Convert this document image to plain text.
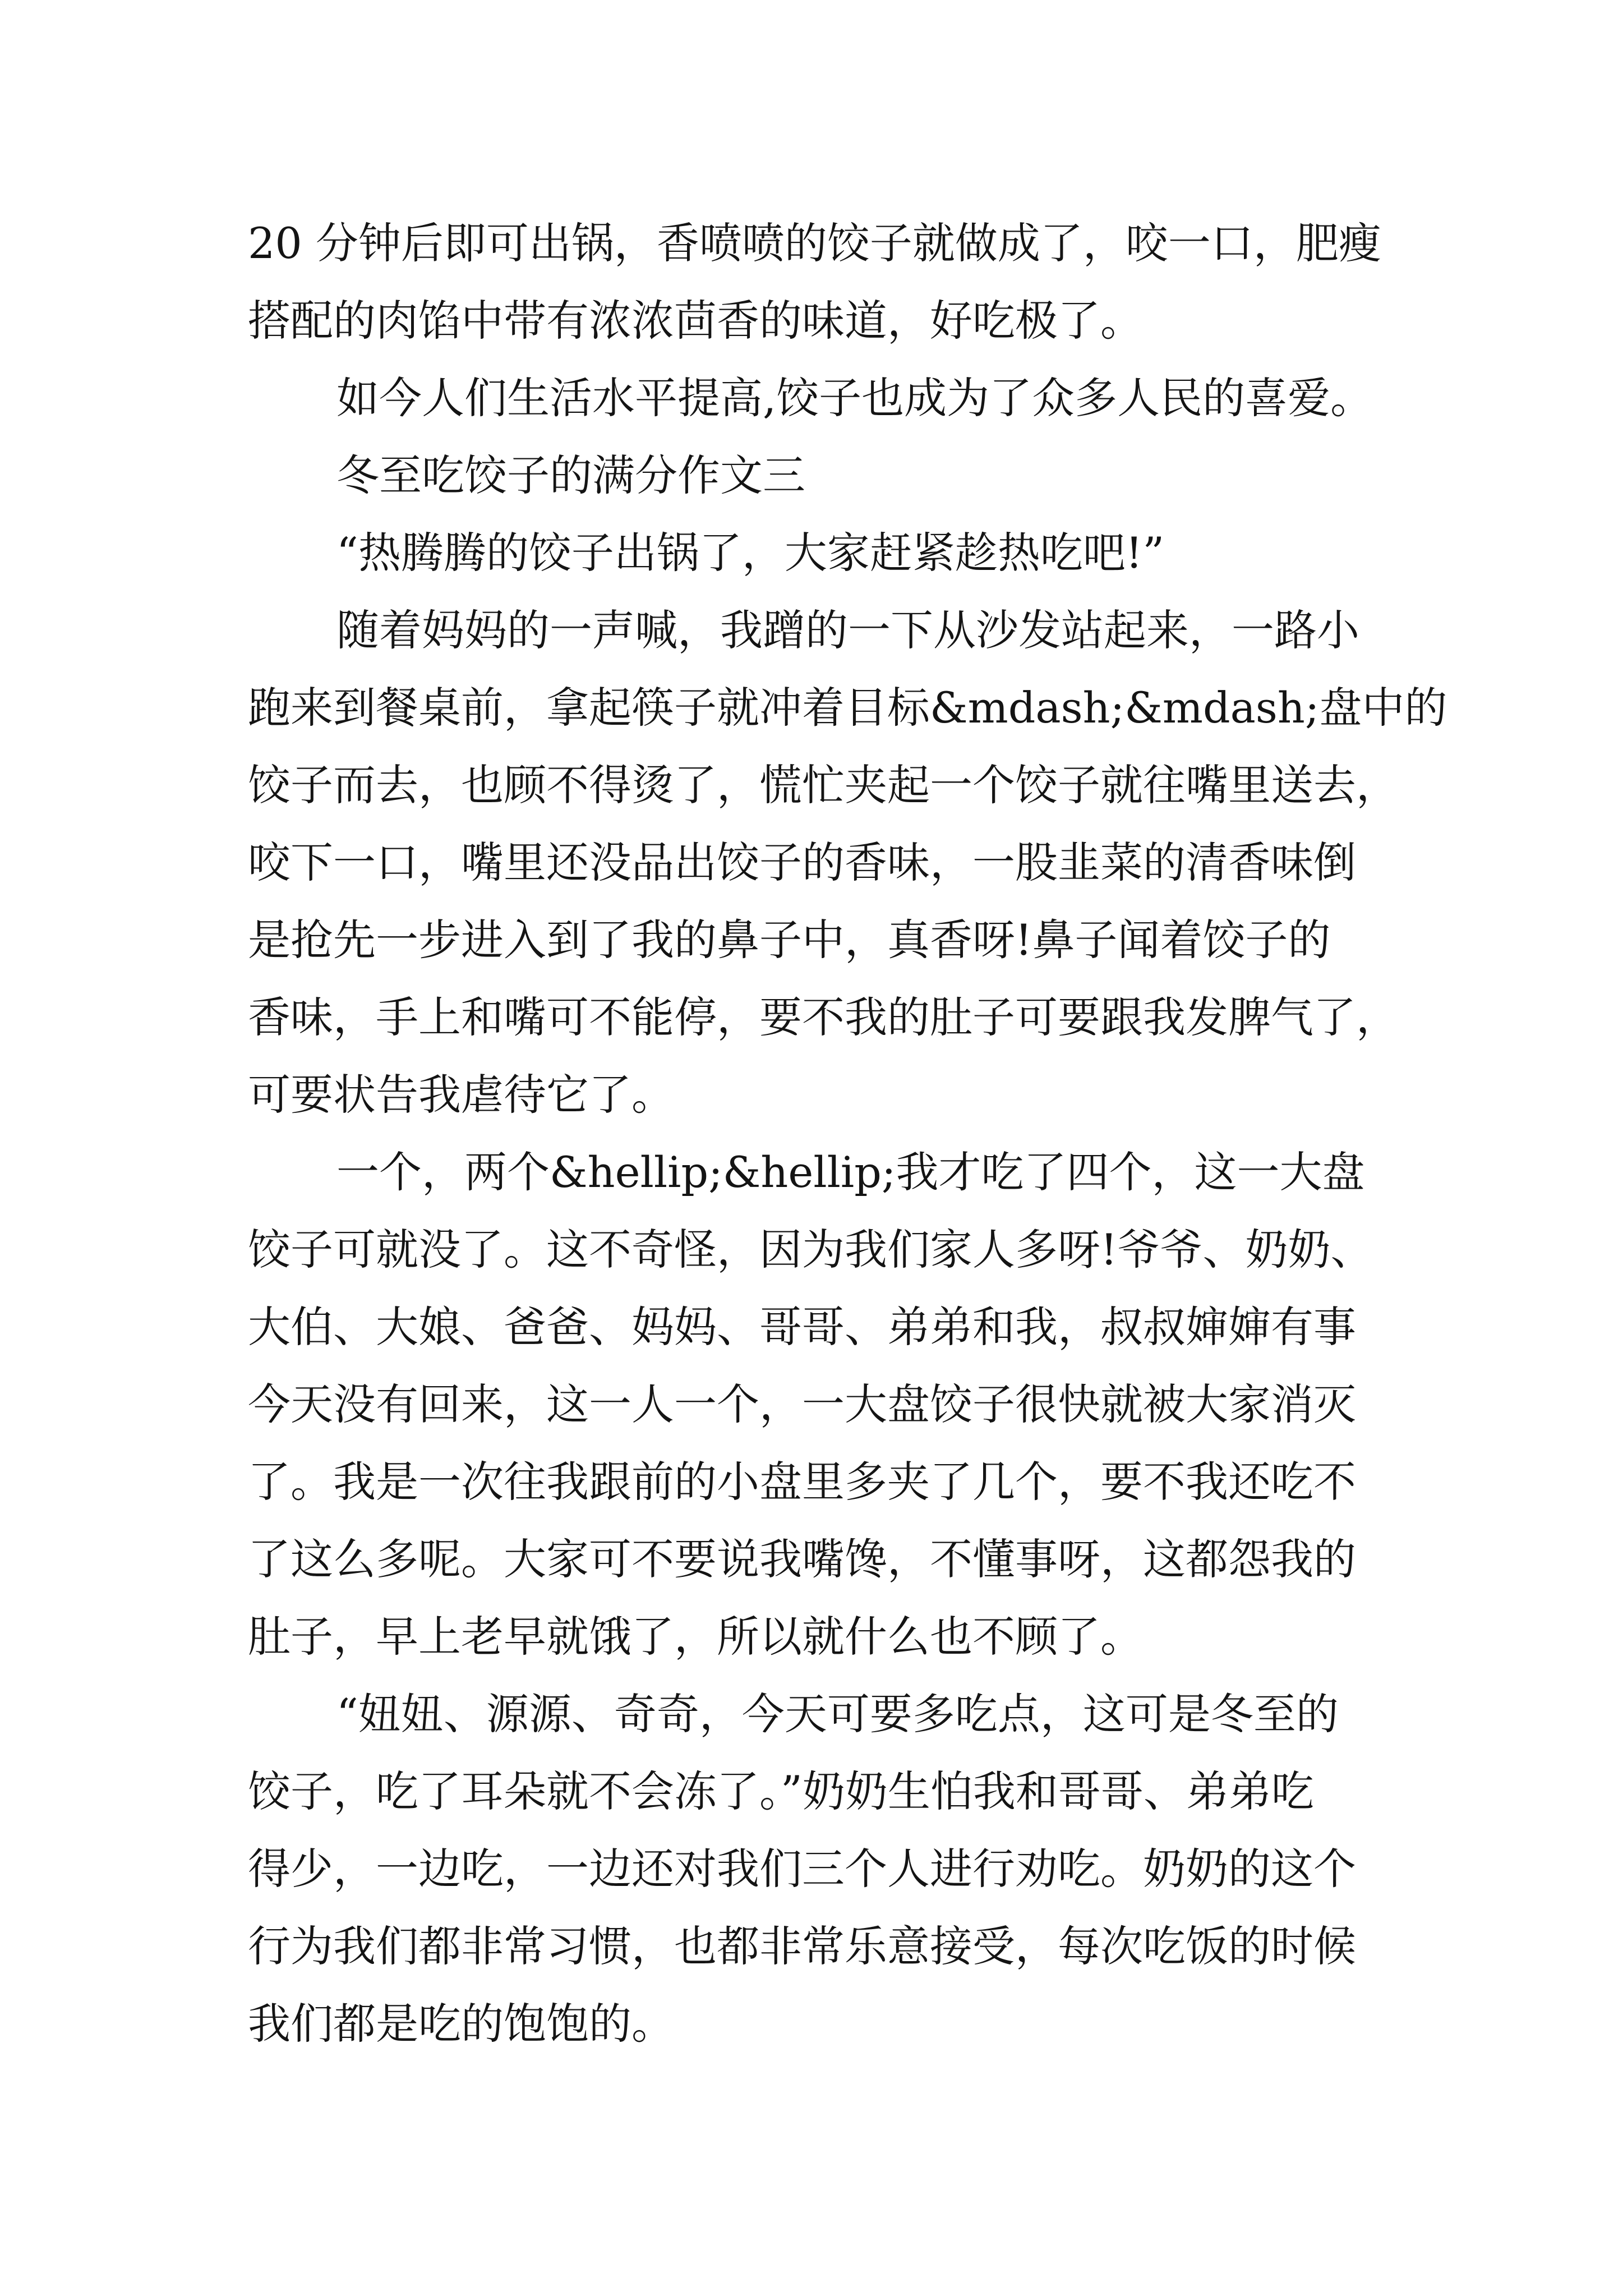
20 分钟后即可出锅，香喷喷的饺子就做成了，咬一口，肥瘦
搭配的肉馅中带有浓浓茴香的味道，好吃极了。
如今人们生活水平提高,饺子也成为了众多人民的喜爱。
冬至吃饺子的满分作文三
“热腾腾的饺子出锅了，大家赶紧趁热吃吧!”
随着妈妈的一声喊，我蹭的一下从沙发站起来，一路小
跑来到餐桌前，拿起筷子就冲着目标&mdash;&mdash;盘中的
饺子而去，也顾不得烫了，慌忙夹起一个饺子就往嘴里送去，
咬下一口，嘴里还没品出饺子的香味，一股韭菜的清香味倒
是抢先一步进入到了我的鼻子中，真香呀!鼻子闻着饺子的
香味，手上和嘴可不能停，要不我的肚子可要跟我发脾气了，
可要状告我虐待它了。
一个，两个&hellip;&hellip;我才吃了四个，这一大盘
饺子可就没了。这不奇怪，因为我们家人多呀!爷爷、奶奶、
大伯、大娘、爸爸、妈妈、哥哥、弟弟和我，叔叔婶婶有事
今天没有回来，这一人一个，一大盘饺子很快就被大家消灭
了。我是一次往我跟前的小盘里多夹了几个，要不我还吃不
了这么多呢。大家可不要说我嘴馋，不懂事呀，这都怨我的
肚子，早上老早就饿了，所以就什么也不顾了。
“妞妞、源源、奇奇，今天可要多吃点，这可是冬至的
饺子，吃了耳朵就不会冻了。”奶奶生怕我和哥哥、弟弟吃
得少，一边吃，一边还对我们三个人进行劝吃。奶奶的这个
行为我们都非常习惯，也都非常乐意接受，每次吃饭的时候
我们都是吃的饱饱的。
